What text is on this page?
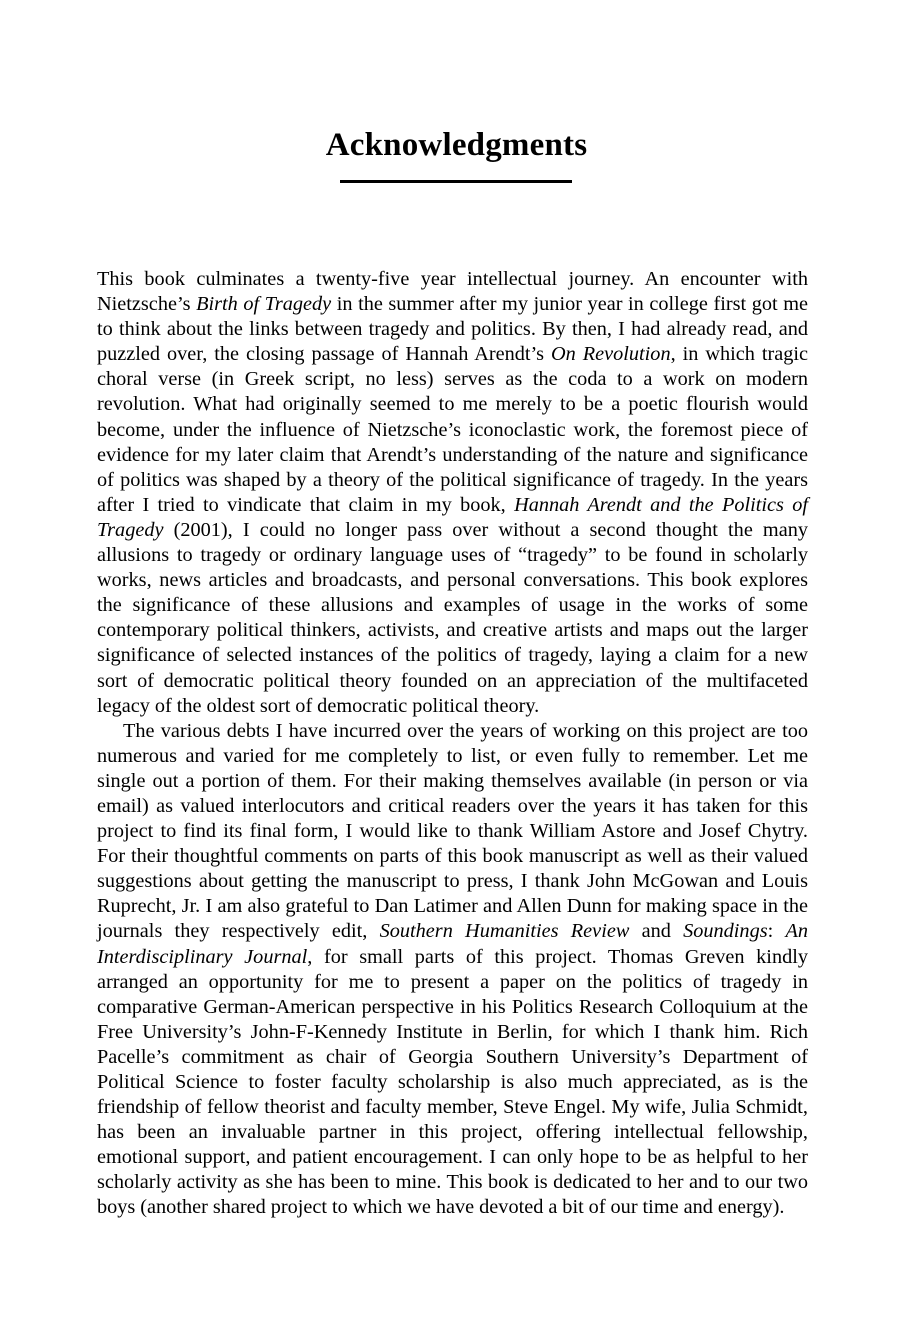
Acknowledgments

This book culminates a twenty-five year intellectual journey. An encounter with Nietzsche’s Birth of Tragedy in the summer after my junior year in college first got me to think about the links between tragedy and politics. By then, I had already read, and puzzled over, the closing passage of Hannah Arendt’s On Revolution, in which tragic choral verse (in Greek script, no less) serves as the coda to a work on modern revolution. What had originally seemed to me merely to be a poetic flourish would become, under the influence of Nietzsche’s iconoclastic work, the foremost piece of evidence for my later claim that Arendt’s understanding of the nature and significance of politics was shaped by a theory of the political significance of tragedy. In the years after I tried to vindicate that claim in my book, Hannah Arendt and the Politics of Tragedy (2001), I could no longer pass over without a second thought the many allusions to tragedy or ordinary language uses of “tragedy” to be found in scholarly works, news articles and broadcasts, and personal conversations. This book explores the significance of these allusions and examples of usage in the works of some contemporary political thinkers, activists, and creative artists and maps out the larger significance of selected instances of the politics of tragedy, laying a claim for a new sort of democratic political theory founded on an appreciation of the multifaceted legacy of the oldest sort of democratic political theory.

The various debts I have incurred over the years of working on this project are too numerous and varied for me completely to list, or even fully to remember. Let me single out a portion of them. For their making themselves available (in person or via email) as valued interlocutors and critical readers over the years it has taken for this project to find its final form, I would like to thank William Astore and Josef Chytry. For their thoughtful comments on parts of this book manuscript as well as their valued suggestions about getting the manuscript to press, I thank John McGowan and Louis Ruprecht, Jr. I am also grateful to Dan Latimer and Allen Dunn for making space in the journals they respectively edit, Southern Humanities Review and Soundings: An Interdisciplinary Journal, for small parts of this project. Thomas Greven kindly arranged an opportunity for me to present a paper on the politics of tragedy in comparative German-American perspective in his Politics Research Colloquium at the Free University’s John-F-Kennedy Institute in Berlin, for which I thank him. Rich Pacelle’s commitment as chair of Georgia Southern University’s Department of Political Science to foster faculty scholarship is also much appreciated, as is the friendship of fellow theorist and faculty member, Steve Engel. My wife, Julia Schmidt, has been an invaluable partner in this project, offering intellectual fellowship, emotional support, and patient encouragement. I can only hope to be as helpful to her scholarly activity as she has been to mine. This book is dedicated to her and to our two boys (another shared project to which we have devoted a bit of our time and energy).
